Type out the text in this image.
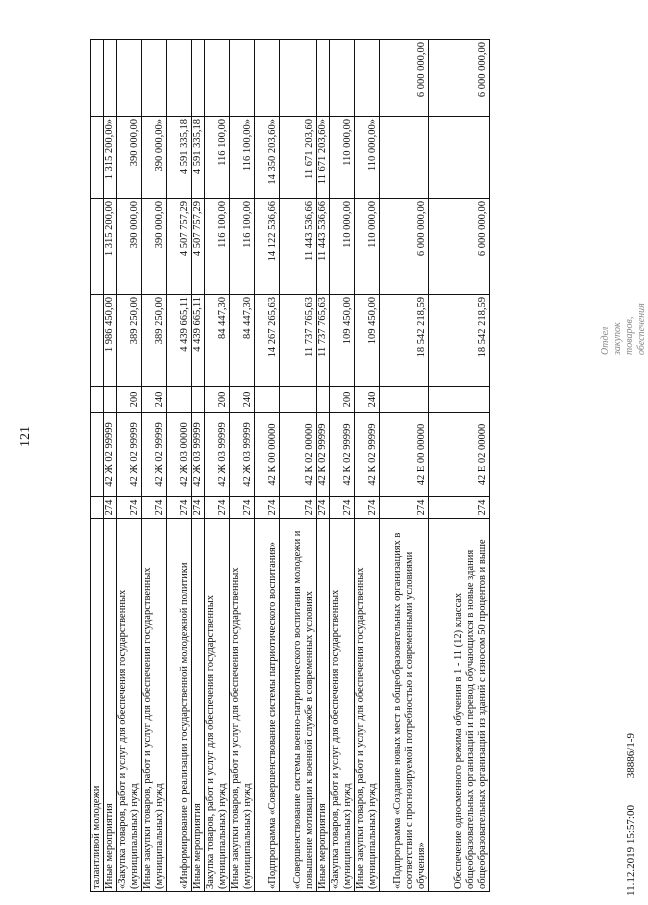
121
Отдел закупок товаров, обеспечения
11.12.2019 15:57:00 38886/1-9
талантливой молодежи							
Иные мероприятия	274	42 Ж 02 99999		1 986 450,00	1 315 200,00	1 315 200,00»	
«Закупка товаров, работ и услуг для обеспечения государственных (муниципальных) нужд	274	42 Ж 02 99999	200	389 250,00	390 000,00	390 000,00	
Иные закупки товаров, работ и услуг для обеспечения государственных (муниципальных) нужд	274	42 Ж 02 99999	240	389 250,00	390 000,00	390 000,00»	
«Информирование о реализации государственной молодежной политики	274	42 Ж 03 00000		4 439 665,11	4 507 757,29	4 591 335,18	
Иные мероприятия	274	42 Ж 03 99999		4 439 665,11	4 507 757,29	4 591 335,18	
Закупка товаров, работ и услуг для обеспечения государственных (муниципальных) нужд	274	42 Ж 03 99999	200	84 447,30	116 100,00	116 100,00	
Иные закупки товаров, работ и услуг для обеспечения государственных (муниципальных) нужд	274	42 Ж 03 99999	240	84 447,30	116 100,00	116 100,00»	
«Подпрограмма «Совершенствование системы патриотического воспитания»	274	42 К 00 00000		14 267 265,63	14 122 536,66	14 350 203,60»	
«Совершенствование системы военно-патриотического воспитания молодежи и повышение мотивации к военной службе в современных условиях	274	42 К 02 00000		11 737 765,63	11 443 536,66	11 671 203,60	
Иные мероприятия	274	42 К 02 99999		11 737 765,63	11 443 536,66	11 671 203,60»	
«Закупка товаров, работ и услуг для обеспечения государственных (муниципальных) нужд	274	42 К 02 99999	200	109 450,00	110 000,00	110 000,00	
Иные закупки товаров, работ и услуг для обеспечения государственных (муниципальных) нужд	274	42 К 02 99999	240	109 450,00	110 000,00	110 000,00»	
«Подпрограмма «Создание новых мест в общеобразовательных организациях в соответствии с прогнозируемой потребностью и современными условиями обучения»	274	42 Е 00 00000		18 542 218,59	6 000 000,00		6 000 000,00
Обеспечение односменного режима обучения в 1 - 11 (12) классах общеобразовательных организаций и перевод обучающихся в новые здания общеобразовательных организаций из зданий с износом 50 процентов и выше	274	42 Е 02 00000		18 542 218,59	6 000 000,00		6 000 000,00
